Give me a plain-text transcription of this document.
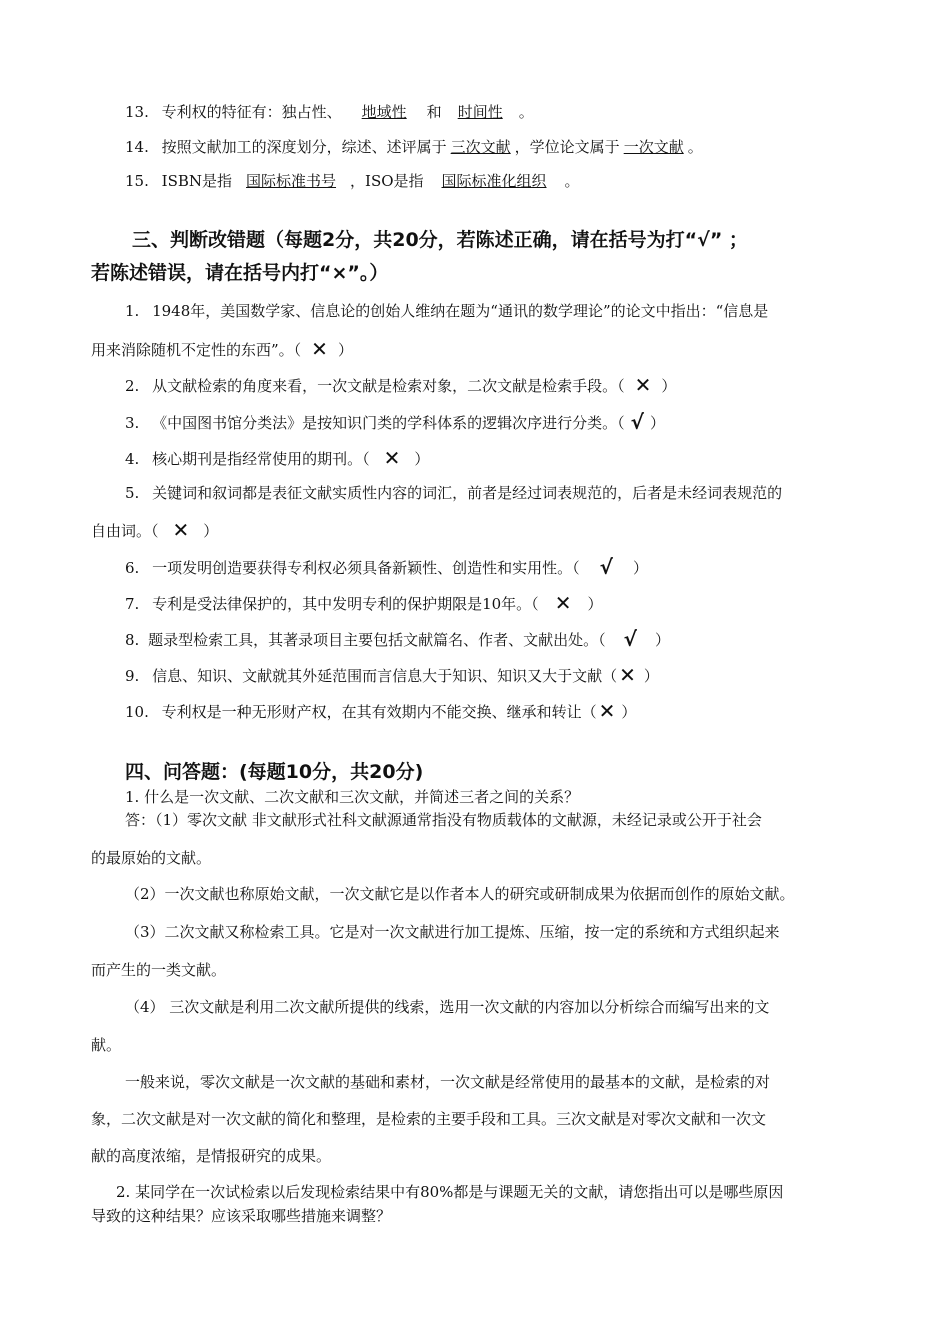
13. 专利权的特征有：独占性、 地域性 和 时间性 。
14. 按照文献加工的深度划分，综述、述评属于 三次文献 ，学位论文属于 一次文献 。
15. ISBN是指 国际标准书号 ，ISO是指 国际标准化组织 。
三、判断改错题（每题2分，共20分，若陈述正确，请在括号为打“√” ；
若陈述错误，请在括号内打“×”。）
1. 1948年，美国数学家、信息论的创始人维纳在题为“通讯的数学理论”的论文中指出：“信息是
用来消除随机不定性的东西”。（ ✕ ）
2. 从文献检索的角度来看，一次文献是检索对象，二次文献是检索手段。（ ✕ ）
3. 《中国图书馆分类法》是按知识门类的学科体系的逻辑次序进行分类。（ √ ）
4. 核心期刊是指经常使用的期刊。（ ✕ ）
5. 关键词和叙词都是表征文献实质性内容的词汇，前者是经过词表规范的，后者是未经词表规范的
自由词。（ ✕ ）
6. 一项发明创造要获得专利权必须具备新颖性、创造性和实用性。（ √ ）
7. 专利是受法律保护的，其中发明专利的保护期限是10年。（ ✕ ）
8. 题录型检索工具，其著录项目主要包括文献篇名、作者、文献出处。（ √ ）
9. 信息、知识、文献就其外延范围而言信息大于知识、知识又大于文献（ ✕ ）
10. 专利权是一种无形财产权，在其有效期内不能交换、继承和转让（ ✕ ）
四、问答题：(每题10分，共20分)
1. 什么是一次文献、二次文献和三次文献，并简述三者之间的关系？
答：（1）零次文献 非文献形式社科文献源通常指没有物质载体的文献源，未经记录或公开于社会
的最原始的文献。
（2）一次文献也称原始文献，一次文献它是以作者本人的研究或研制成果为依据而创作的原始文献。
（3）二次文献又称检索工具。它是对一次文献进行加工提炼、压缩，按一定的系统和方式组织起来
而产生的一类文献。
（4） 三次文献是利用二次文献所提供的线索，选用一次文献的内容加以分析综合而编写出来的文
献。
一般来说，零次文献是一次文献的基础和素材，一次文献是经常使用的最基本的文献，是检索的对
象，二次文献是对一次文献的简化和整理，是检索的主要手段和工具。三次文献是对零次文献和一次文
献的高度浓缩，是情报研究的成果。
2. 某同学在一次试检索以后发现检索结果中有80%都是与课题无关的文献，请您指出可以是哪些原因
导致的这种结果？应该采取哪些措施来调整？
